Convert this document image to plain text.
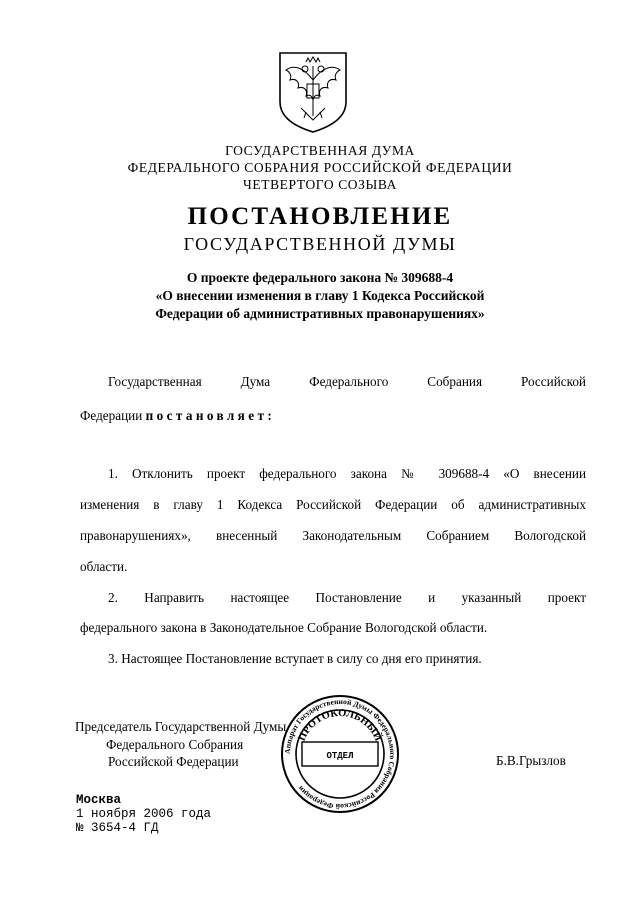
ГОСУДАРСТВЕННАЯ ДУМА
ФЕДЕРАЛЬНОГО СОБРАНИЯ РОССИЙСКОЙ ФЕДЕРАЦИИ
ЧЕТВЕРТОГО СОЗЫВА
ПОСТАНОВЛЕНИЕ
ГОСУДАРСТВЕННОЙ ДУМЫ
О проекте федерального закона № 309688-4
«О внесении изменения в главу 1 Кодекса Российской
Федерации об административных правонарушениях»
Государственная Дума Федерального Собрания Российской
Федерации постановляет:
1. Отклонить проект федерального закона № 309688-4 «О внесении
изменения в главу 1 Кодекса Российской Федерации об административных
правонарушениях», внесенный Законодательным Собранием Вологодской
области.
2. Направить настоящее Постановление и указанный проект
федерального закона в Законодательное Собрание Вологодской области.
3. Настоящее Постановление вступает в силу со дня его принятия.
Председатель Государственной Думы
Федерального Собрания
Российской Федерации	Б.В.Грызлов
Аппарат Государственной Думы Федерального Собрания Российской Федерации
ПРОТОКОЛЬНЫЙ
ОТДЕЛ
Москва
1 ноября 2006 года
№ 3654-4 ГД
